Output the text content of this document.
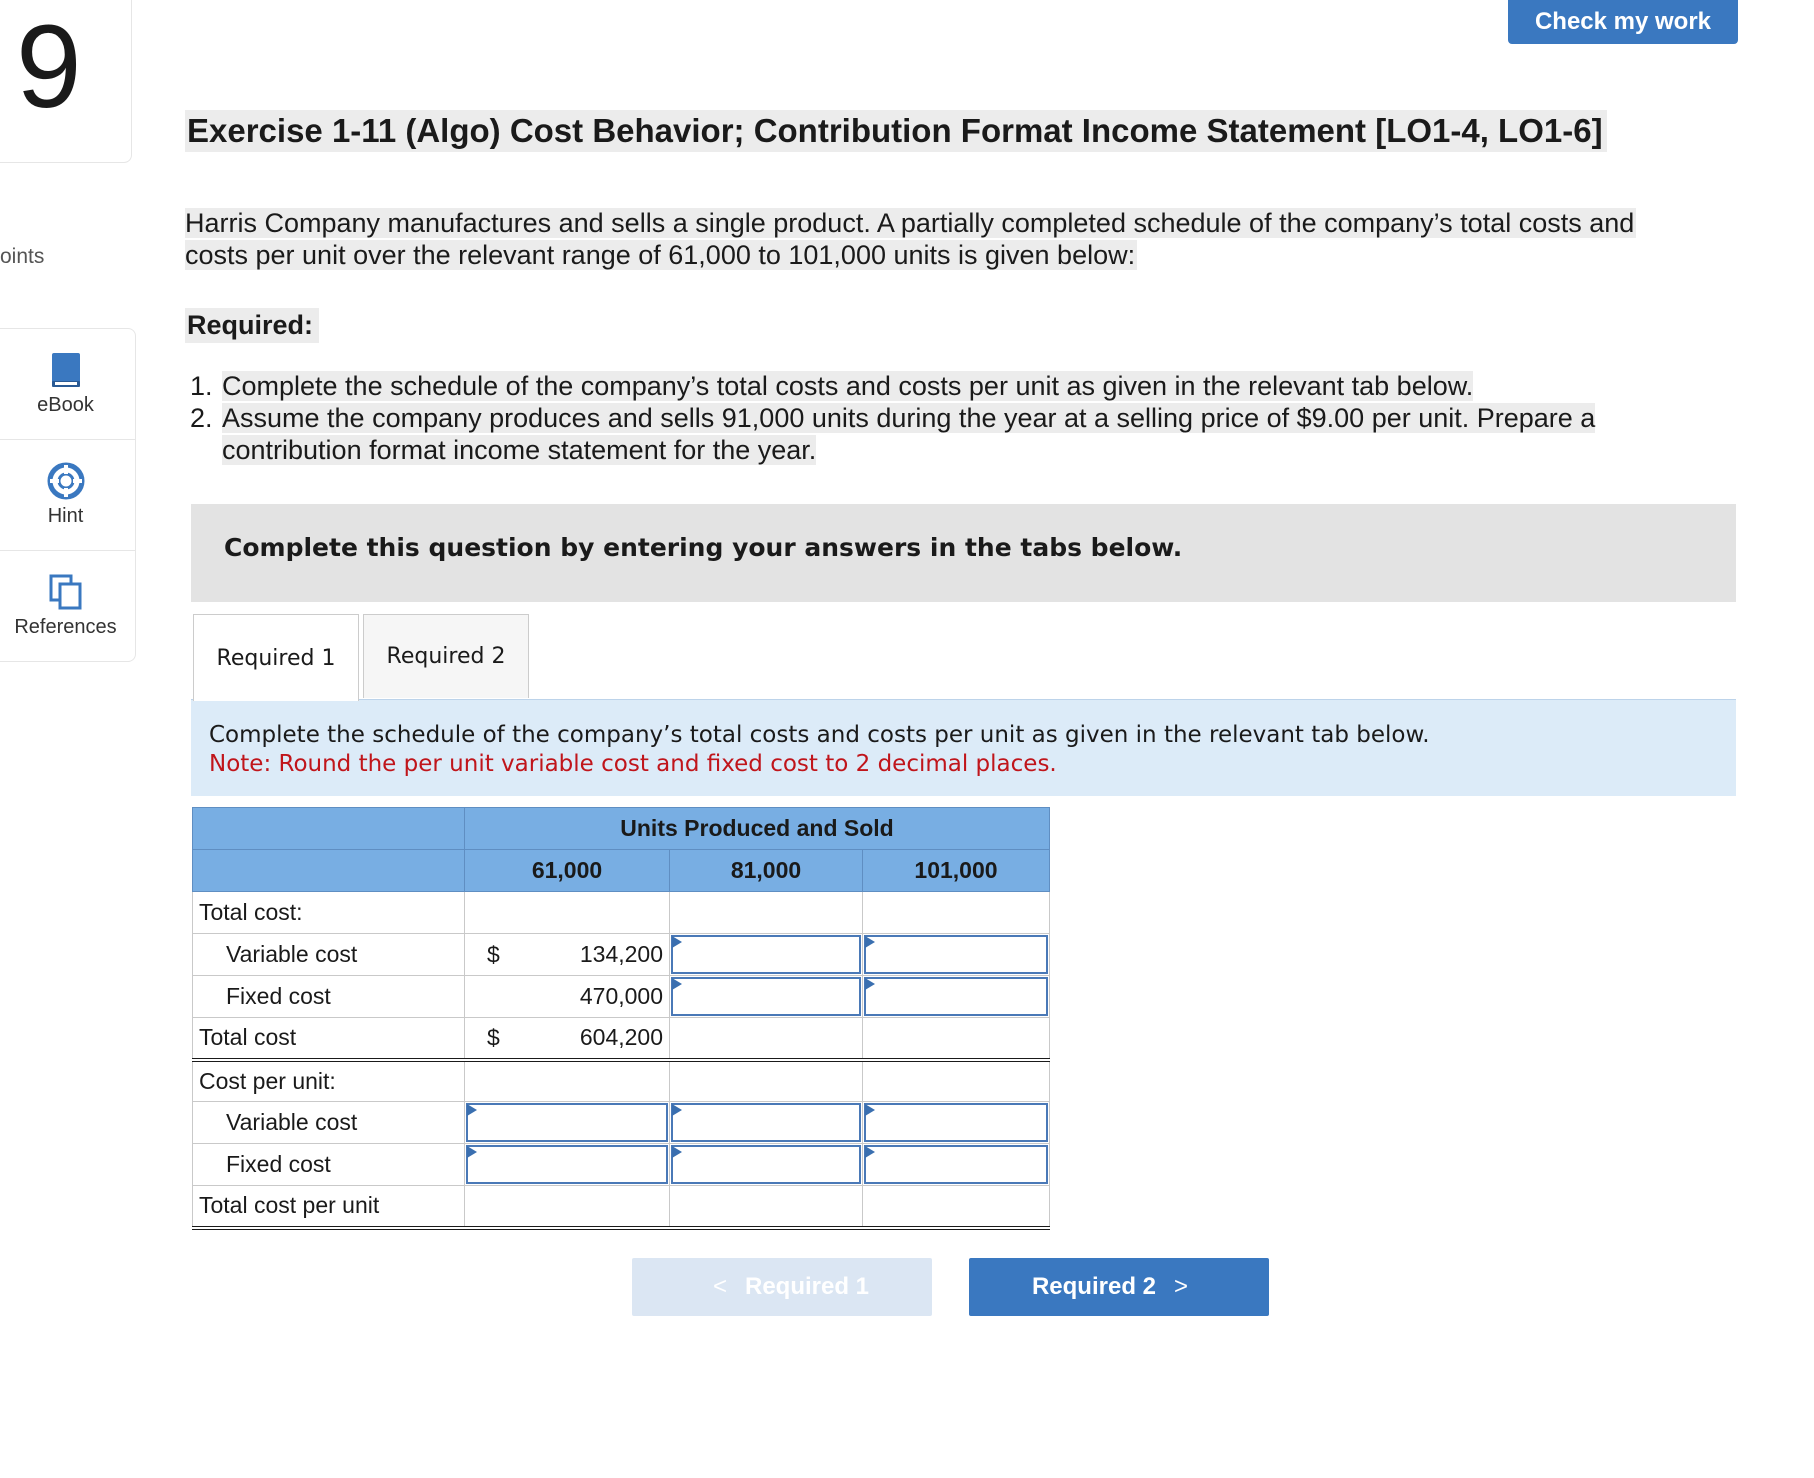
9
oints
eBook
Hint
References
Check my work
Exercise 1-11 (Algo) Cost Behavior; Contribution Format Income Statement [LO1-4, LO1-6]
Harris Company manufactures and sells a single product. A partially completed schedule of the company’s total costs and
costs per unit over the relevant range of 61,000 to 101,000 units is given below:
Required:
1. Complete the schedule of the company’s total costs and costs per unit as given in the relevant tab below.
2. Assume the company produces and sells 91,000 units during the year at a selling price of $9.00 per unit. Prepare a
contribution format income statement for the year.
Complete this question by entering your answers in the tabs below.
Required 1	Required 2
Complete the schedule of the company’s total costs and costs per unit as given in the relevant tab below.
Note: Round the per unit variable cost and fixed cost to 2 decimal places.
	Units Produced and Sold		
	61,000	81,000	101,000
Total cost:			
Variable cost	$ 134,200	

Fixed cost	470,000	

Total cost	$ 604,200		
Cost per unit:			
Variable cost	

Fixed cost	

Total cost per unit			
< Required 1	Required 2 >
